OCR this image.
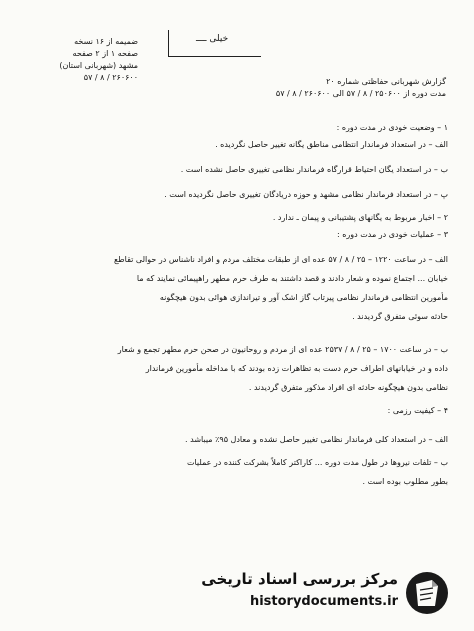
ضمیمه از ۱۶ نسخه
صفحه ۱ از ۲ صفحه
مشهد (شهربانی استان)
۲۶۰۶۰۰ / ۸ / ۵۷
خیلی ــــ
گزارش شهربانی حفاظتی شماره ۲۰
مدت دوره از ۲۵۰۶۰۰ / ۸ / ۵۷ الی ۲۶۰۶۰۰ / ۸ / ۵۷
۱ – وضعیت خودی در مدت دوره :
الف – در استعداد فرماندار انتظامی مناطق یگانه تغییر حاصل نگردیده .
ب – در استعداد یگان احتیاط قرارگاه فرماندار نظامی تغییری حاصل نشده است .
پ – در استعداد فرماندار نظامی مشهد و حوزه دریادگان تغییری حاصل نگردیده است .
۲ – اخبار مربوط به یگانهای پشتیبانی و پیمان ـ ندارد .
۳ – عملیات خودی در مدت دوره :
الف – در ساعت ۱۲۲۰ – ۲۵ / ۸ / ۵۷ عده ای از طبقات مختلف مردم و افراد ناشناس در حوالی تقاطع
خیابان ... اجتماع نموده و شعار دادند و قصد داشتند به طرف حرم مطهر راهپیمائی نمایند که ما
مأمورین انتظامی فرماندار نظامی پیرتاب گاز اشک آور و تیراندازی هوائی بدون هیچگونه
حادثه سوئی متفرق گردیدند .
ب – در ساعت ۱۷۰۰ – ۲۵ / ۸ / ۲۵۳۷ عده ای از مردم و روحانیون در صحن حرم مطهر تجمع و شعار
داده و در خیابانهای اطراف حرم دست به تظاهرات زده بودند که با مداخله مأمورین فرماندار
نظامی بدون هیچگونه حادثه ای افراد مذکور متفرق گردیدند .
۴ – کیفیت رزمی :
الف – در استعداد کلی فرماندار نظامی تغییر حاصل نشده و معادل ۹۵٪ میباشد .
ب – تلفات نیروها در طول مدت دوره ... کاراکتر کاملاً بشرکت کننده در عملیات
بطور مطلوب بوده است .
مرکز بررسی اسناد تاریخی
historydocuments.ir
